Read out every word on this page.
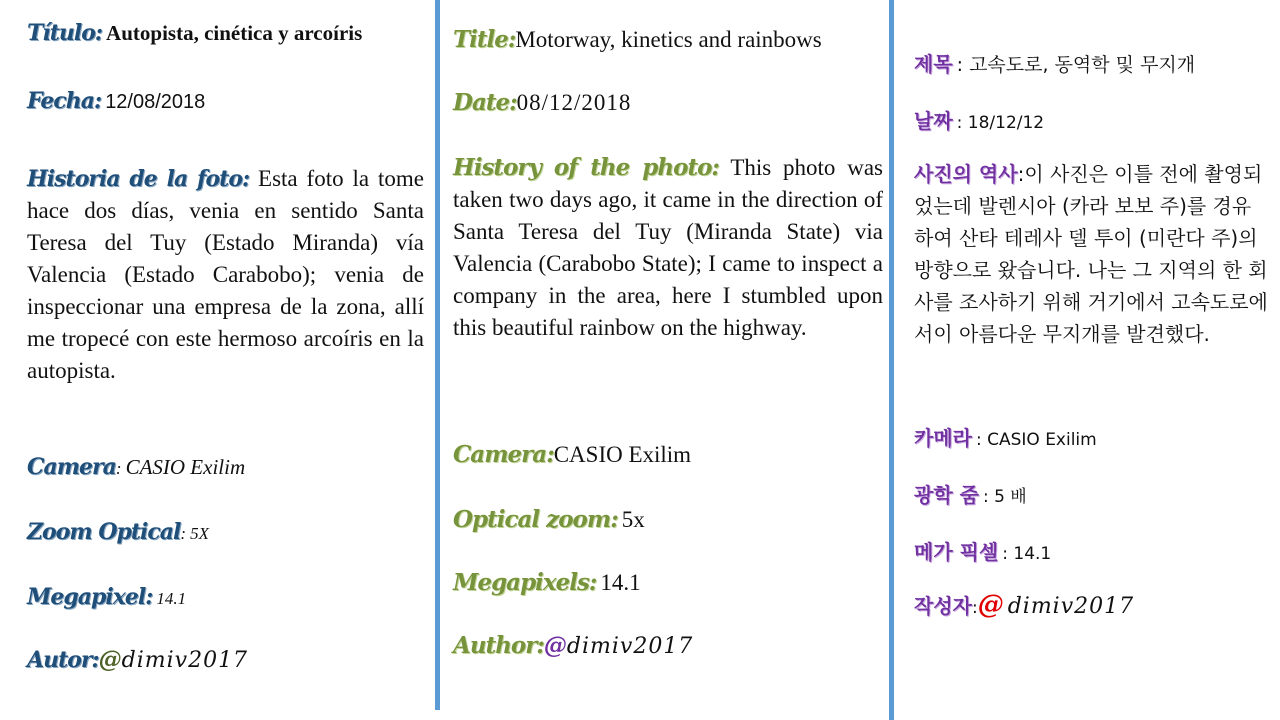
Título: Autopista, cinética y arcoíris
Fecha: 12/08/2018
Historia de la foto: Esta foto la tome hace dos días, venia en sentido Santa Teresa del Tuy (Estado Miranda) vía Valencia (Estado Carabobo); venia de inspeccionar una empresa de la zona, allí me tropecé con este hermoso arcoíris en la autopista.
Camera: CASIO Exilim
Zoom Optical: 5X
Megapixel: 14.1
Autor:@dimiv2017
Title:Motorway, kinetics and rainbows
Date:08/12/2018
History of the photo: This photo was taken two days ago, it came in the direction of Santa Teresa del Tuy (Miranda State) via Valencia (Carabobo State); I came to inspect a company in the area, here I stumbled upon this beautiful rainbow on the highway.
Camera:CASIO Exilim
Optical zoom: 5x
Megapixels: 14.1
Author:@dimiv2017
제목 : 고속도로, 동역학 및 무지개
날짜 : 18/12/12
사진의 역사:이 사진은 이틀 전에 촬영되었는데 발렌시아 (카라 보보 주)를 경유하여 산타 테레사 델 투이 (미란다 주)의 방향으로 왔습니다. 나는 그 지역의 한 회사를 조사하기 위해 거기에서 고속도로에서이 아름다운 무지개를 발견했다.
카메라 : CASIO Exilim
광학 줌 : 5 배
메가 픽셀 : 14.1
작성자:@ dimiv2017
